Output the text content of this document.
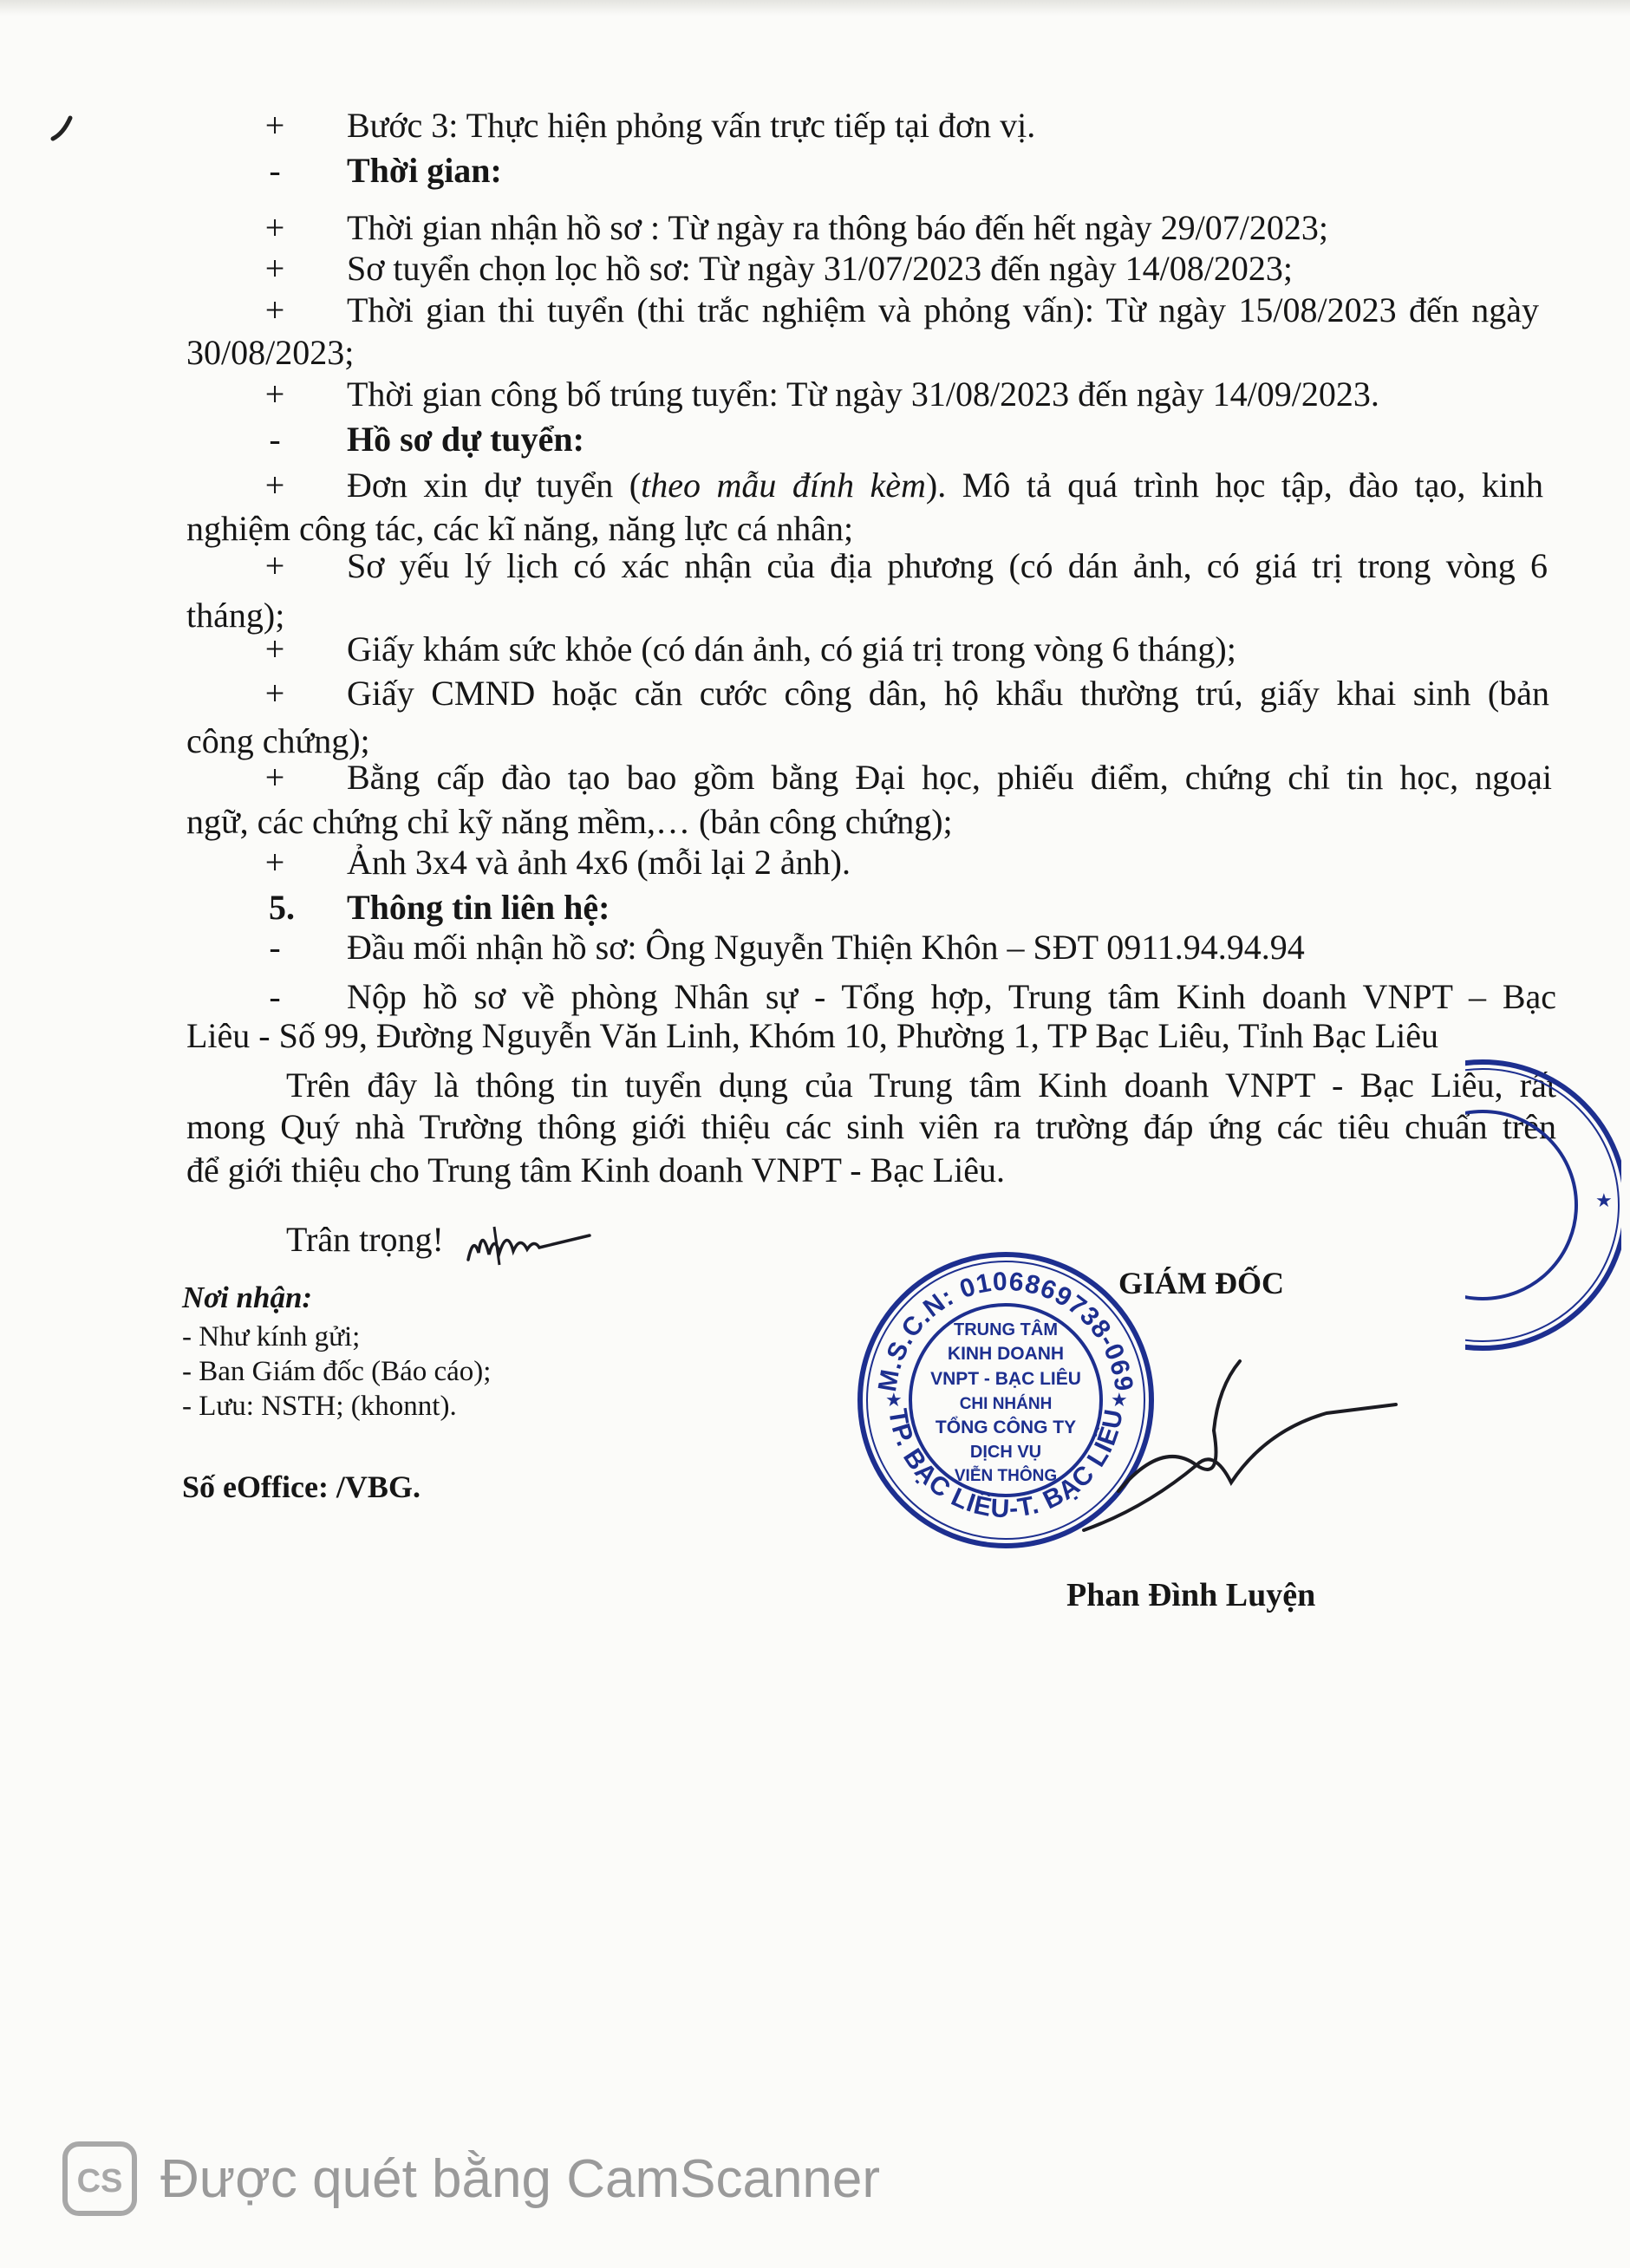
+ Bước 3: Thực hiện phỏng vấn trực tiếp tại đơn vị.
-	Thời gian:
+ Thời gian nhận hồ sơ : Từ ngày ra thông báo đến hết ngày 29/07/2023;
+ Sơ tuyển chọn lọc hồ sơ: Từ ngày 31/07/2023 đến ngày 14/08/2023;
+ Thời gian thi tuyển (thi trắc nghiệm và phỏng vấn): Từ ngày 15/08/2023 đến ngày
30/08/2023;
+ Thời gian công bố trúng tuyển: Từ ngày 31/08/2023 đến ngày 14/09/2023.
-	Hồ sơ dự tuyển:
+ Đơn xin dự tuyển (theo mẫu đính kèm). Mô tả quá trình học tập, đào tạo, kinh
nghiệm công tác, các kĩ năng, năng lực cá nhân;
+ Sơ yếu lý lịch có xác nhận của địa phương (có dán ảnh, có giá trị trong vòng 6
tháng);
+ Giấy khám sức khỏe (có dán ảnh, có giá trị trong vòng 6 tháng);
+ Giấy CMND hoặc căn cước công dân, hộ khẩu thường trú, giấy khai sinh (bản
công chứng);
+ Bằng cấp đào tạo bao gồm bằng Đại học, phiếu điểm, chứng chỉ tin học, ngoại
ngữ, các chứng chỉ kỹ năng mềm,… (bản công chứng);
+ Ảnh 3x4 và ảnh 4x6 (mỗi lại 2 ảnh).
5. Thông tin liên hệ:
-	Đầu mối nhận hồ sơ: Ông Nguyễn Thiện Khôn – SĐT 0911.94.94.94
-	Nộp hồ sơ về phòng Nhân sự - Tổng hợp, Trung tâm Kinh doanh VNPT – Bạc
Liêu - Số 99, Đường Nguyễn Văn Linh, Khóm 10, Phường 1, TP Bạc Liêu, Tỉnh Bạc Liêu
Trên đây là thông tin tuyển dụng của Trung tâm Kinh doanh VNPT - Bạc Liêu, rất
mong Quý nhà Trường thông giới thiệu các sinh viên ra trường đáp ứng các tiêu chuẩn trên
để giới thiệu cho Trung tâm Kinh doanh VNPT - Bạc Liêu.
Trân trọng!
Nơi nhận:
- Như kính gửi;
- Ban Giám đốc (Báo cáo);
- Lưu: NSTH; (khonnt).
Số eOffice: /VBG.
GIÁM ĐỐC
Phan Đình Luyện
M.S.C.N: 0106869738-069
TP. BẠC LIÊU-T. BẠC LIÊU
★	★
TRUNG TÂM
KINH DOANH
VNPT - BẠC LIÊU
CHI NHÁNH
TỔNG CÔNG TY
DỊCH VỤ
VIỄN THÔNG
★
CS Được quét bằng CamScanner
